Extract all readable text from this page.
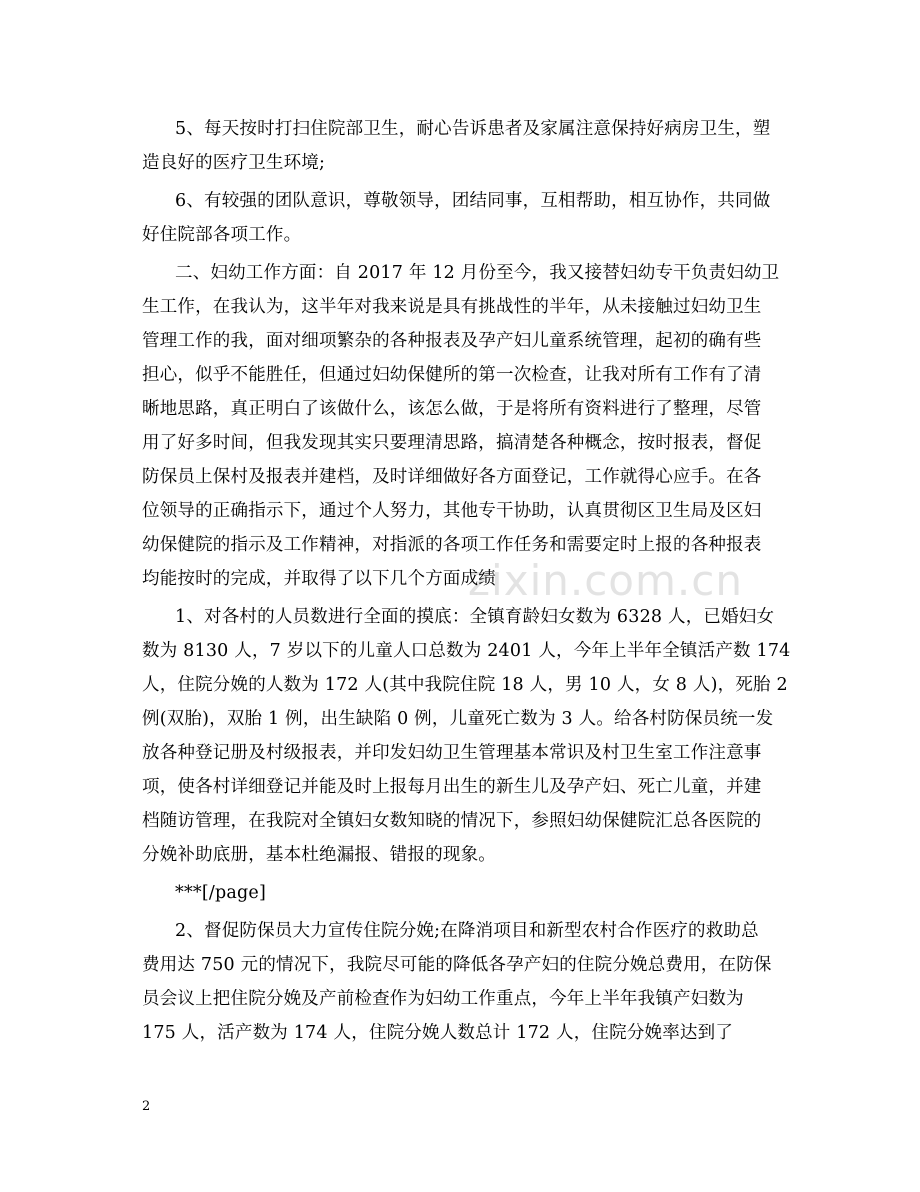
zixin.com.cn
5、每天按时打扫住院部卫生，耐心告诉患者及家属注意保持好病房卫生，塑
造良好的医疗卫生环境;
6、有较强的团队意识，尊敬领导，团结同事，互相帮助，相互协作，共同做
好住院部各项工作。
二、妇幼工作方面：自 2017 年 12 月份至今，我又接替妇幼专干负责妇幼卫
生工作，在我认为，这半年对我来说是具有挑战性的半年，从未接触过妇幼卫生
管理工作的我，面对细项繁杂的各种报表及孕产妇儿童系统管理，起初的确有些
担心，似乎不能胜任，但通过妇幼保健所的第一次检查，让我对所有工作有了清
晰地思路，真正明白了该做什么，该怎么做，于是将所有资料进行了整理，尽管
用了好多时间，但我发现其实只要理清思路，搞清楚各种概念，按时报表，督促
防保员上保村及报表并建档，及时详细做好各方面登记，工作就得心应手。在各
位领导的正确指示下，通过个人努力，其他专干协助，认真贯彻区卫生局及区妇
幼保健院的指示及工作精神，对指派的各项工作任务和需要定时上报的各种报表
均能按时的完成，并取得了以下几个方面成绩
1、对各村的人员数进行全面的摸底：全镇育龄妇女数为 6328 人，已婚妇女
数为 8130 人，7 岁以下的儿童人口总数为 2401 人，今年上半年全镇活产数 174
人，住院分娩的人数为 172 人(其中我院住院 18 人，男 10 人，女 8 人)，死胎 2
例(双胎)，双胎 1 例，出生缺陷 0 例，儿童死亡数为 3 人。给各村防保员统一发
放各种登记册及村级报表，并印发妇幼卫生管理基本常识及村卫生室工作注意事
项，使各村详细登记并能及时上报每月出生的新生儿及孕产妇、死亡儿童，并建
档随访管理，在我院对全镇妇女数知晓的情况下，参照妇幼保健院汇总各医院的
分娩补助底册，基本杜绝漏报、错报的现象。
***[/page]
2、督促防保员大力宣传住院分娩;在降消项目和新型农村合作医疗的救助总
费用达 750 元的情况下，我院尽可能的降低各孕产妇的住院分娩总费用，在防保
员会议上把住院分娩及产前检查作为妇幼工作重点，今年上半年我镇产妇数为
175 人，活产数为 174 人，住院分娩人数总计 172 人，住院分娩率达到了
2
